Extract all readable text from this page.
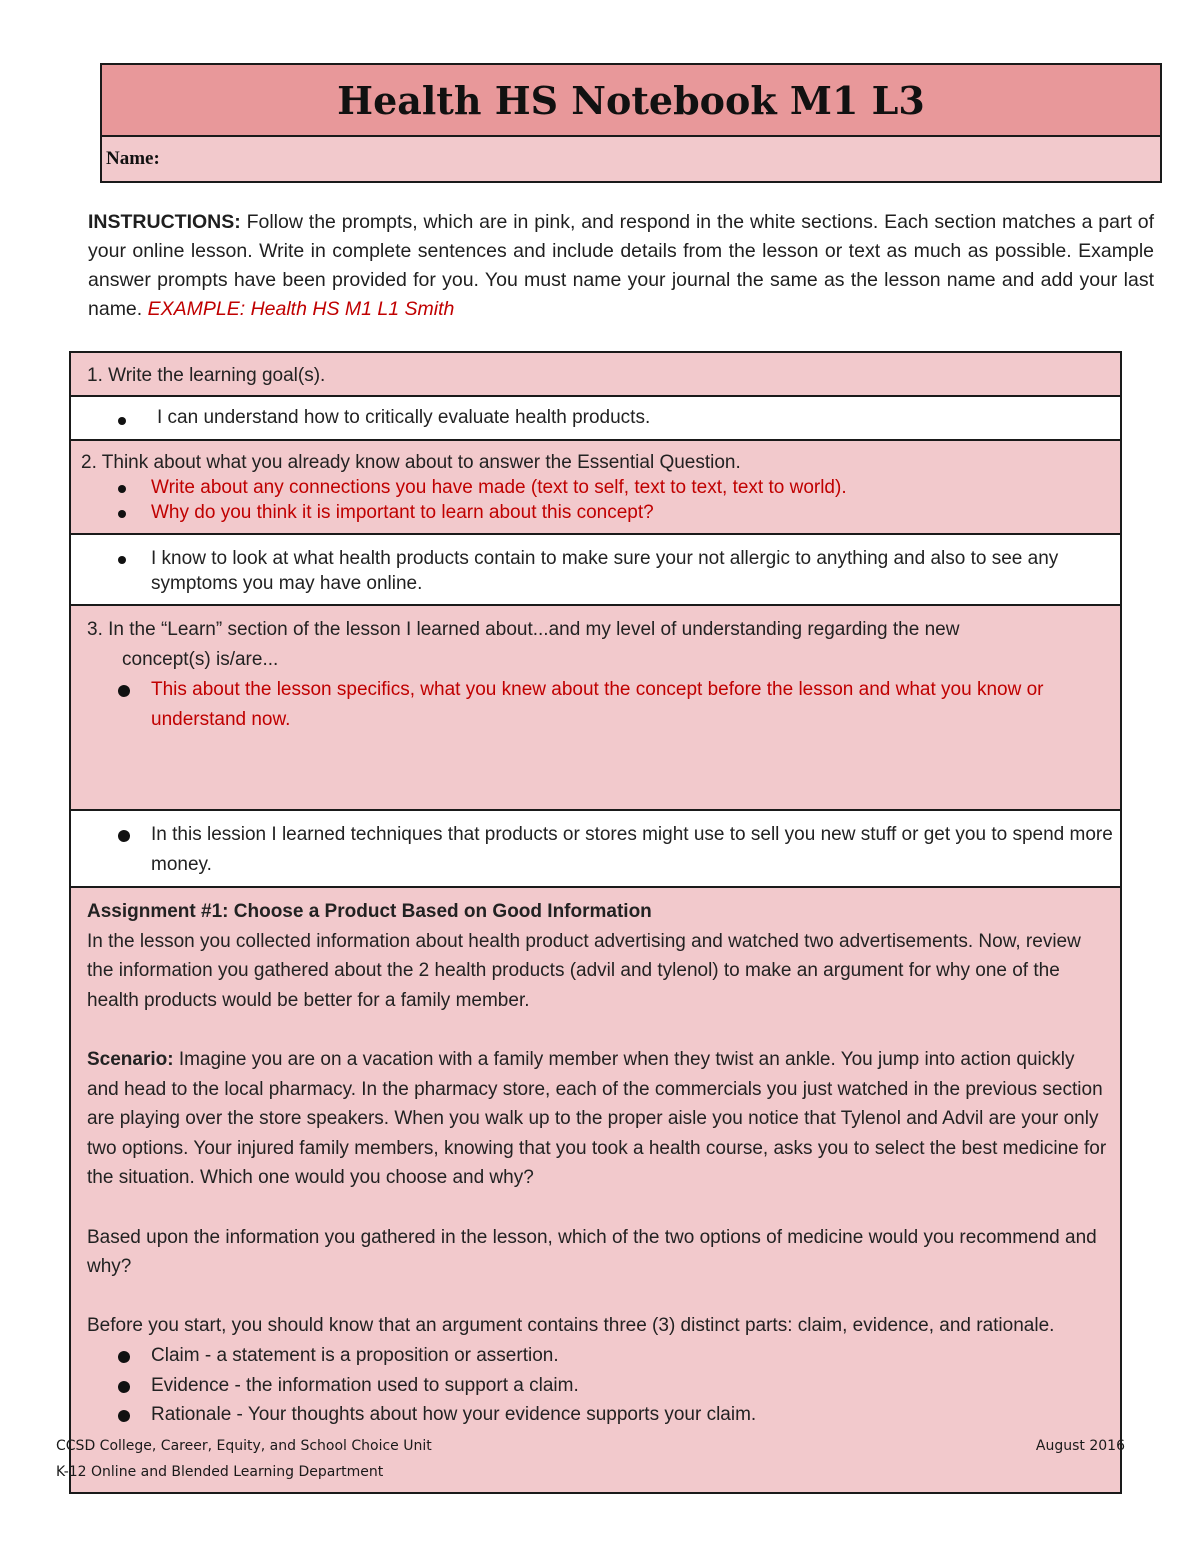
Health HS Notebook M1 L3
Name:
INSTRUCTIONS: Follow the prompts, which are in pink, and respond in the white sections. Each section matches a part of your online lesson. Write in complete sentences and include details from the lesson or text as much as possible. Example answer prompts have been provided for you. You must name your journal the same as the lesson name and add your last name. EXAMPLE: Health HS M1 L1 Smith
1. Write the learning goal(s).

I can understand how to critically evaluate health products.

2. Think about what you already know about to answer the Essential Question.
Write about any connections you have made (text to self, text to text, text to world).
Why do you think it is important to learn about this concept?

I know to look at what health products contain to make sure your not allergic to anything and also to see any symptoms you may have online.

3. In the “Learn” section of the lesson I learned about...and my level of understanding regarding the new
concept(s) is/are...
This about the lesson specifics, what you knew about the concept before the lesson and what you know or understand now.

In this lession I learned techniques that products or stores might use to sell you new stuff or get you to spend more money.

Assignment #1: Choose a Product Based on Good Information

In the lesson you collected information about health product advertising and watched two advertisements. Now, review the information you gathered about the 2 health products (advil and tylenol) to make an argument for why one of the health products would be better for a family member.

Scenario: Imagine you are on a vacation with a family member when they twist an ankle. You jump into action quickly and head to the local pharmacy. In the pharmacy store, each of the commercials you just watched in the previous section are playing over the store speakers. When you walk up to the proper aisle you notice that Tylenol and Advil are your only two options. Your injured family members, knowing that you took a health course, asks you to select the best medicine for the situation. Which one would you choose and why?

Based upon the information you gathered in the lesson, which of the two options of medicine would you recommend and why?

Before you start, you should know that an argument contains three (3) distinct parts: claim, evidence, and rationale.

Claim - a statement is a proposition or assertion.
Evidence - the information used to support a claim.
Rationale - Your thoughts about how your evidence supports your claim.
CCSD College, Career, Equity, and School Choice Unit
K-12 Online and Blended Learning Department
August 2016
